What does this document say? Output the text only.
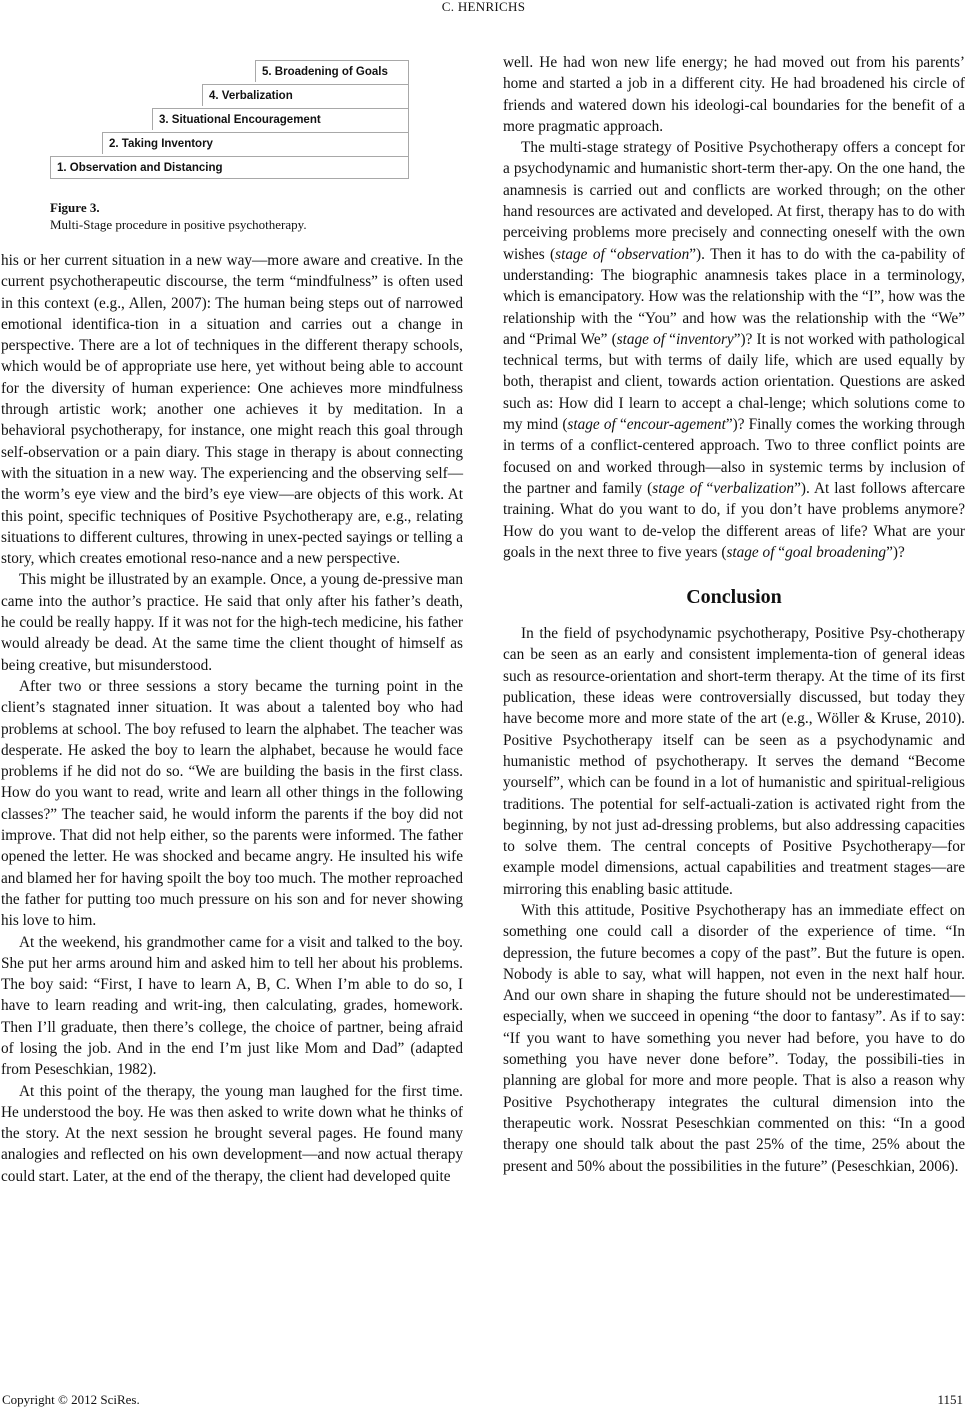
C. HENRICHS
1. Observation and Distancing
2. Taking Inventory
3. Situational Encouragement
4. Verbalization
5. Broadening of Goals
Figure 3.
Multi-Stage procedure in positive psychotherapy.

his or her current situation in a new way—more aware and creative. In the current psychotherapeutic discourse, the term “mindfulness” is often used in this context (e.g., Allen, 2007): The human being steps out of narrowed emotional identifica-tion in a situation and carries out a change in perspective. There are a lot of techniques in the different therapy schools, which would be of appropriate use here, yet without being able to account for the diversity of human experience: One achieves more mindfulness through artistic work; another one achieves it by meditation. In a behavioral psychotherapy, for instance, one might reach this goal through self-observation or a pain diary. This stage in therapy is about connecting with the situation in a new way. The experiencing and the observing self—the worm’s eye view and the bird’s eye view—are objects of this work. At this point, specific techniques of Positive Psychotherapy are, e.g., relating situations to different cultures, throwing in unex-pected sayings or telling a story, which creates emotional reso-nance and a new perspective.

This might be illustrated by an example. Once, a young de-pressive man came into the author’s practice. He said that only after his father’s death, he could be really happy. If it was not for the high-tech medicine, his father would already be dead. At the same time the client thought of himself as being creative, but misunderstood.

After two or three sessions a story became the turning point in the client’s stagnated inner situation. It was about a talented boy who had problems at school. The boy refused to learn the alphabet. The teacher was desperate. He asked the boy to learn the alphabet, because he would face problems if he did not do so. “We are building the basis in the first class. How do you want to read, write and learn all other things in the following classes?” The teacher said, he would inform the parents if the boy did not improve. That did not help either, so the parents were informed. The father opened the letter. He was shocked and became angry. He insulted his wife and blamed her for having spoilt the boy too much. The mother reproached the father for putting too much pressure on his son and for never showing his love to him.

At the weekend, his grandmother came for a visit and talked to the boy. She put her arms around him and asked him to tell her about his problems. The boy said: “First, I have to learn A, B, C. When I’m able to do so, I have to learn reading and writ-ing, then calculating, grades, homework. Then I’ll graduate, then there’s college, the choice of partner, being afraid of losing the job. And in the end I’m just like Mom and Dad” (adapted from Peseschkian, 1982).

At this point of the therapy, the young man laughed for the first time. He understood the boy. He was then asked to write down what he thinks of the story. At the next session he brought several pages. He found many analogies and reflected on his own development—and now actual therapy could start. Later, at the end of the therapy, the client had developed quite

well. He had won new life energy; he had moved out from his parents’ home and started a job in a different city. He had broadened his circle of friends and watered down his ideologi-cal boundaries for the benefit of a more pragmatic approach.

The multi-stage strategy of Positive Psychotherapy offers a concept for a psychodynamic and humanistic short-term ther-apy. On the one hand, the anamnesis is carried out and conflicts are worked through; on the other hand resources are activated and developed. At first, therapy has to do with perceiving problems more precisely and connecting oneself with the own wishes (stage of “observation”). Then it has to do with the ca-pability of understanding: The biographic anamnesis takes place in a terminology, which is emancipatory. How was the relationship with the “I”, how was the relationship with the “You” and how was the relationship with the “We” and “Primal We” (stage of “inventory”)? It is not worked with pathological technical terms, but with terms of daily life, which are used equally by both, therapist and client, towards action orientation. Questions are asked such as: How did I learn to accept a chal-lenge; which solutions come to my mind (stage of “encour-agement”)? Finally comes the working through in terms of a conflict-centered approach. Two to three conflict points are focused on and worked through—also in systemic terms by inclusion of the partner and family (stage of “verbalization”). At last follows aftercare training. What do you want to do, if you don’t have problems anymore? How do you want to de-velop the different areas of life? What are your goals in the next three to five years (stage of “goal broadening”)?

Conclusion

In the field of psychodynamic psychotherapy, Positive Psy-chotherapy can be seen as an early and consistent implementa-tion of general ideas such as resource-orientation and short-term therapy. At the time of its first publication, these ideas were controversially discussed, but today they have become more and more state of the art (e.g., Wöller & Kruse, 2010). Positive Psychotherapy itself can be seen as a psychodynamic and humanistic method of psychotherapy. It serves the demand “Become yourself”, which can be found in a lot of humanistic and spiritual-religious traditions. The potential for self-actuali-zation is activated right from the beginning, by not just ad-dressing problems, but also addressing capacities to solve them. The central concepts of Positive Psychotherapy—for example model dimensions, actual capabilities and treatment stages—are mirroring this enabling basic attitude.

With this attitude, Positive Psychotherapy has an immediate effect on something one could call a disorder of the experience of time. “In depression, the future becomes a copy of the past”. But the future is open. Nobody is able to say, what will happen, not even in the next half hour. And our own share in shaping the future should not be underestimated—especially, when we succeed in opening “the door to fantasy”. As if to say: “If you want to have something you never had before, you have to do something you have never done before”. Today, the possibili-ties in planning are global for more and more people. That is also a reason why Positive Psychotherapy integrates the cultural dimension into the therapeutic work. Nossrat Peseschkian commented on this: “In a good therapy one should talk about the past 25% of the time, 25% about the present and 50% about the possibilities in the future” (Peseschkian, 2006).

Copyright © 2012 SciRes.	1151
